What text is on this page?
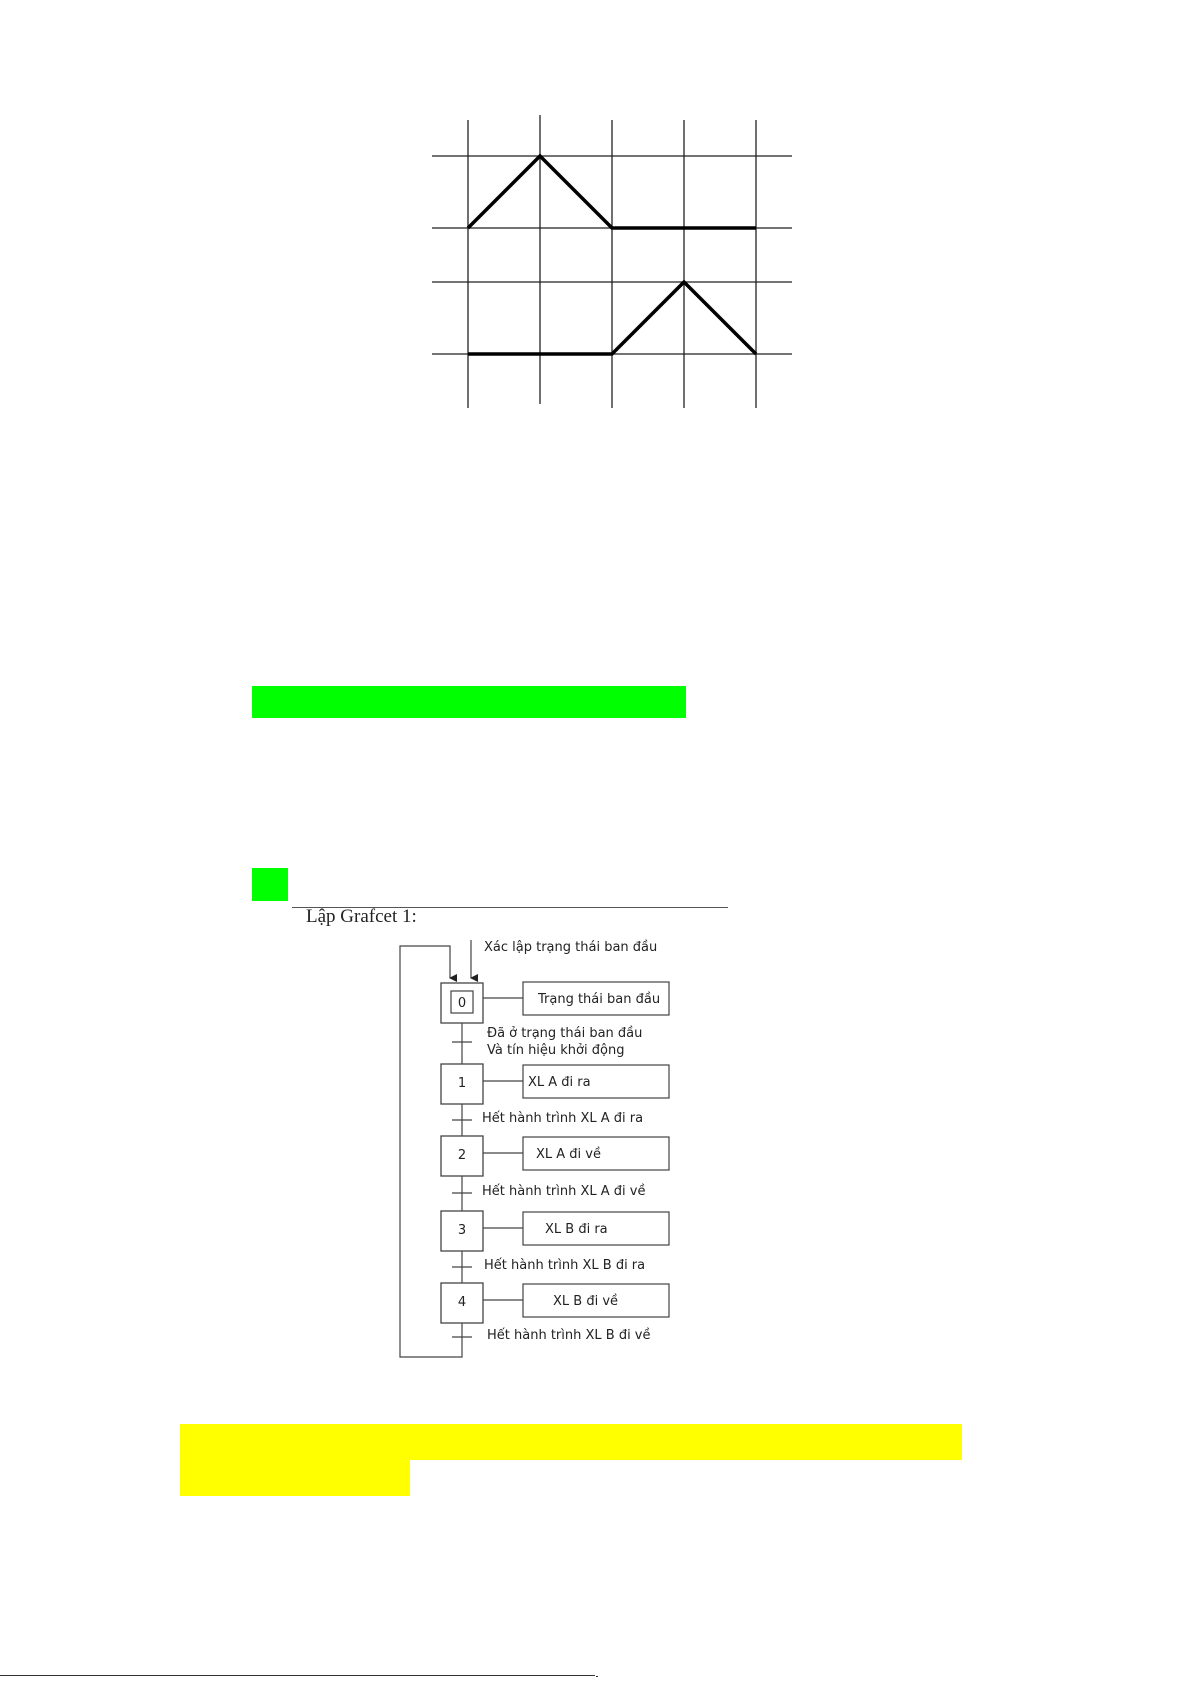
Lập Grafcet 1:
Xác lập trạng thái ban đầu
0	Trạng thái ban đầu
1	XL A đi ra
2	XL A đi về
3	XL B đi ra
4	XL B đi về
Đã ở trạng thái ban đầu
Và tín hiệu khởi động
Hết hành trình XL A đi ra
Hết hành trình XL A đi về
Hết hành trình XL B đi ra
Hết hành trình XL B đi về
